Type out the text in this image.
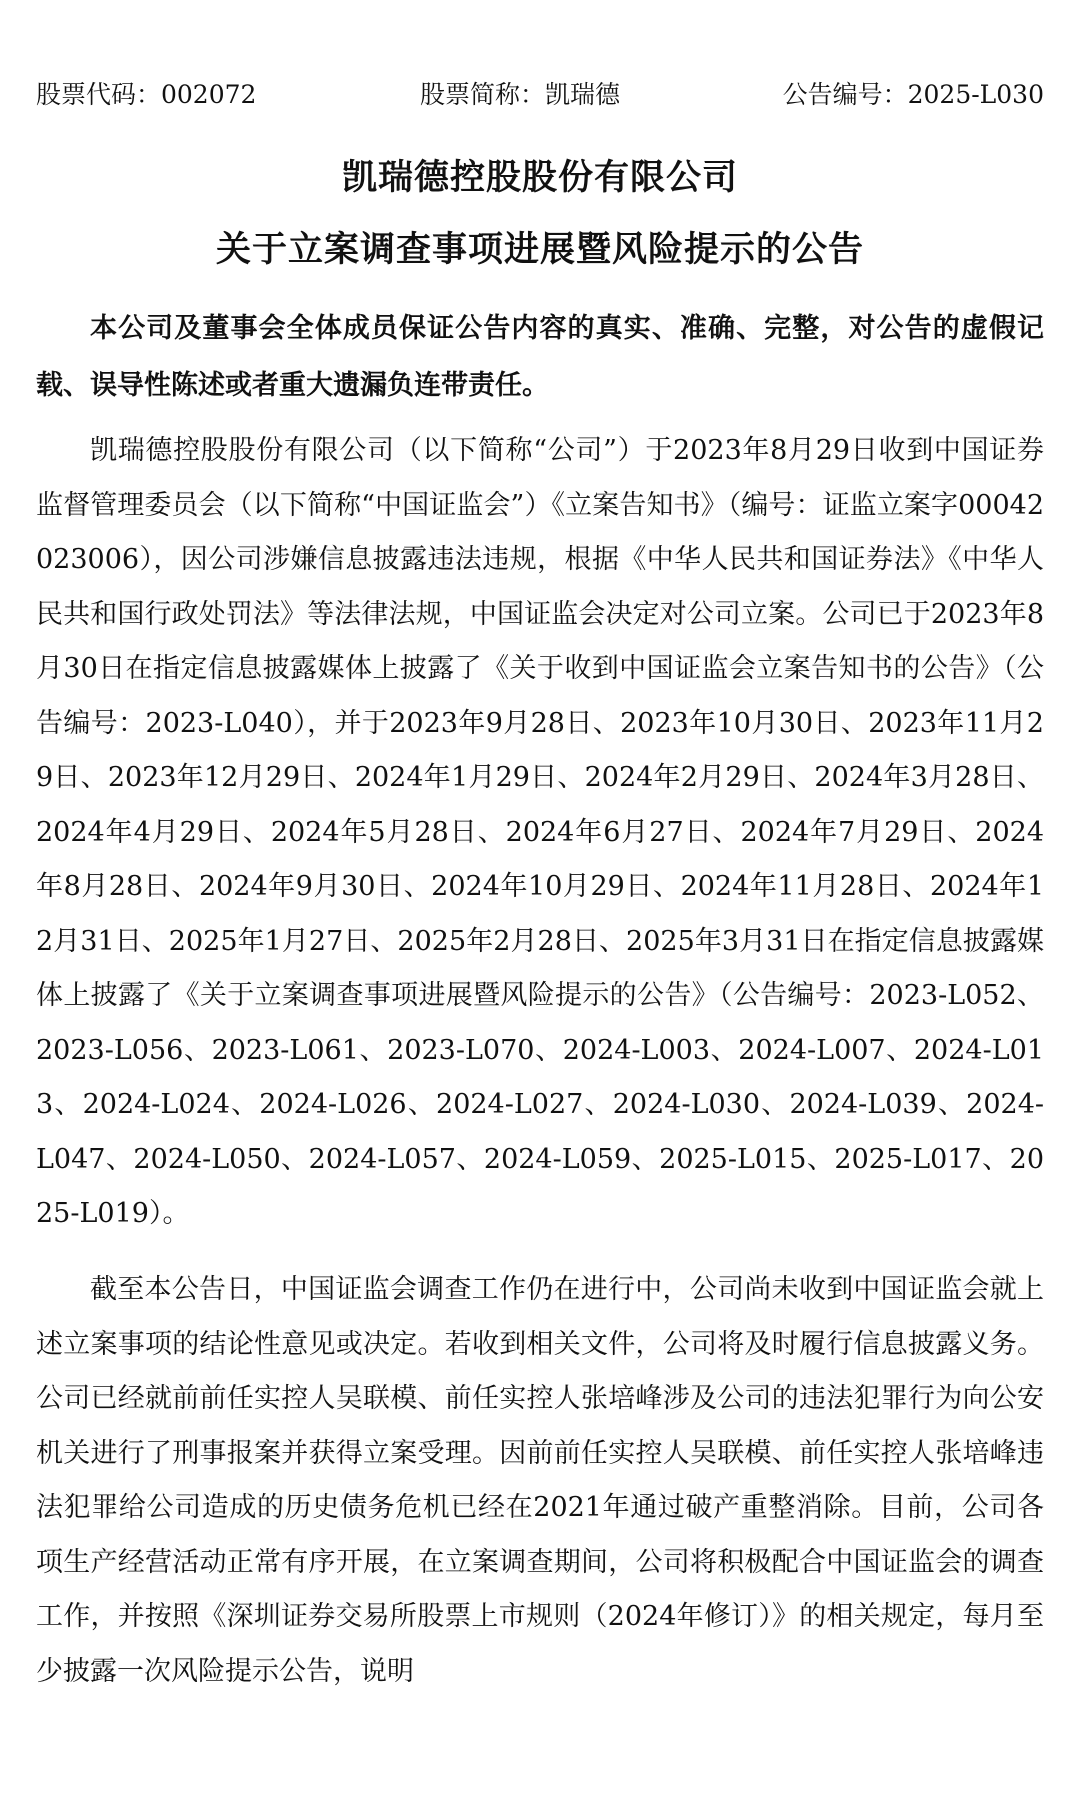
股票代码：002072	股票简称：凯瑞德	公告编号：2025-L030
凯瑞德控股股份有限公司
关于立案调查事项进展暨风险提示的公告
本公司及董事会全体成员保证公告内容的真实、准确、完整，对公告的虚假记载、误导性陈述或者重大遗漏负连带责任。
凯瑞德控股股份有限公司（以下简称“公司”）于2023年8月29日收到中国证券监督管理委员会（以下简称“中国证监会”）《立案告知书》（编号：证监立案字00042023006），因公司涉嫌信息披露违法违规，根据《中华人民共和国证券法》《中华人民共和国行政处罚法》等法律法规，中国证监会决定对公司立案。公司已于2023年8月30日在指定信息披露媒体上披露了《关于收到中国证监会立案告知书的公告》（公告编号：2023-L040），并于2023年9月28日、2023年10月30日、2023年11月29日、2023年12月29日、2024年1月29日、2024年2月29日、2024年3月28日、2024年4月29日、2024年5月28日、2024年6月27日、2024年7月29日、2024年8月28日、2024年9月30日、2024年10月29日、2024年11月28日、2024年12月31日、2025年1月27日、2025年2月28日、2025年3月31日在指定信息披露媒体上披露了《关于立案调查事项进展暨风险提示的公告》（公告编号：2023-L052、2023-L056、2023-L061、2023-L070、2024-L003、2024-L007、2024-L013、2024-L024、2024-L026、2024-L027、2024-L030、2024-L039、2024-L047、2024-L050、2024-L057、2024-L059、2025-L015、2025-L017、2025-L019）。
截至本公告日，中国证监会调查工作仍在进行中，公司尚未收到中国证监会就上述立案事项的结论性意见或决定。若收到相关文件，公司将及时履行信息披露义务。公司已经就前前任实控人吴联模、前任实控人张培峰涉及公司的违法犯罪行为向公安机关进行了刑事报案并获得立案受理。因前前任实控人吴联模、前任实控人张培峰违法犯罪给公司造成的历史债务危机已经在2021年通过破产重整消除。目前，公司各项生产经营活动正常有序开展，在立案调查期间，公司将积极配合中国证监会的调查工作，并按照《深圳证券交易所股票上市规则（2024年修订）》的相关规定，每月至少披露一次风险提示公告，说明
